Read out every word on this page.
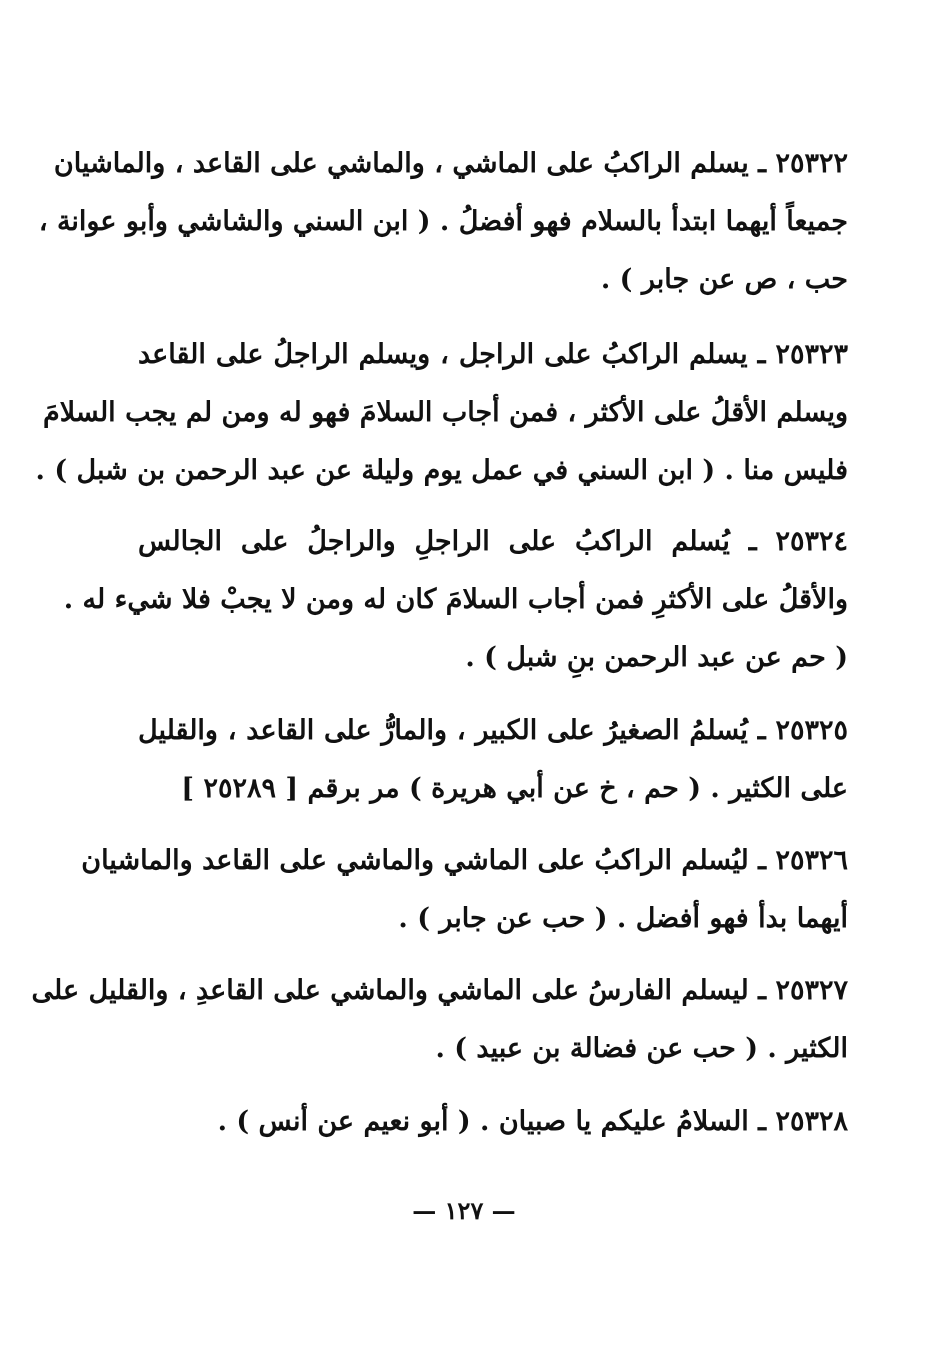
٢٥٣٢٢ ـ يسلم الراكبُ على الماشي ، والماشي على القاعد ، والماشيان
جميعاً أيهما ابتدأ بالسلام فهو أفضلُ . ( ابن السني والشاشي وأبو عوانة ،
حب ، ص عن جابر ) .
٢٥٣٢٣ ـ يسلم الراكبُ على الراجل ، ويسلم الراجلُ على القاعد
ويسلم الأقلُ على الأكثر ، فمن أجاب السلامَ فهو له ومن لم يجب السلامَ
فليس منا . ( ابن السني في عمل يوم وليلة عن عبد الرحمن بن شبل ) .
٢٥٣٢٤ ـ يُسلم الراكبُ على الراجلِ والراجلُ على الجالس
والأقلُ على الأكثرِ فمن أجاب السلامَ كان له ومن لا يجبْ فلا شيء له .
( حم عن عبد الرحمن بنِ شبل ) .
٢٥٣٢٥ ـ يُسلمُ الصغيرُ على الكبير ، والمارُّ على القاعد ، والقليل
على الكثير . ( حم ، خ عن أبي هريرة ) مر برقم [ ٢٥٢٨٩ ]
٢٥٣٢٦ ـ ليُسلم الراكبُ على الماشي والماشي على القاعد والماشيان
أيهما بدأ فهو أفضل . ( حب عن جابر ) .
٢٥٣٢٧ ـ ليسلم الفارسُ على الماشي والماشي على القاعدِ ، والقليل على
الكثير . ( حب عن فضالة بن عبيد ) .
٢٥٣٢٨ ـ السلامُ عليكم يا صبيان . ( أبو نعيم عن أنس ) .
— ١٢٧ —
